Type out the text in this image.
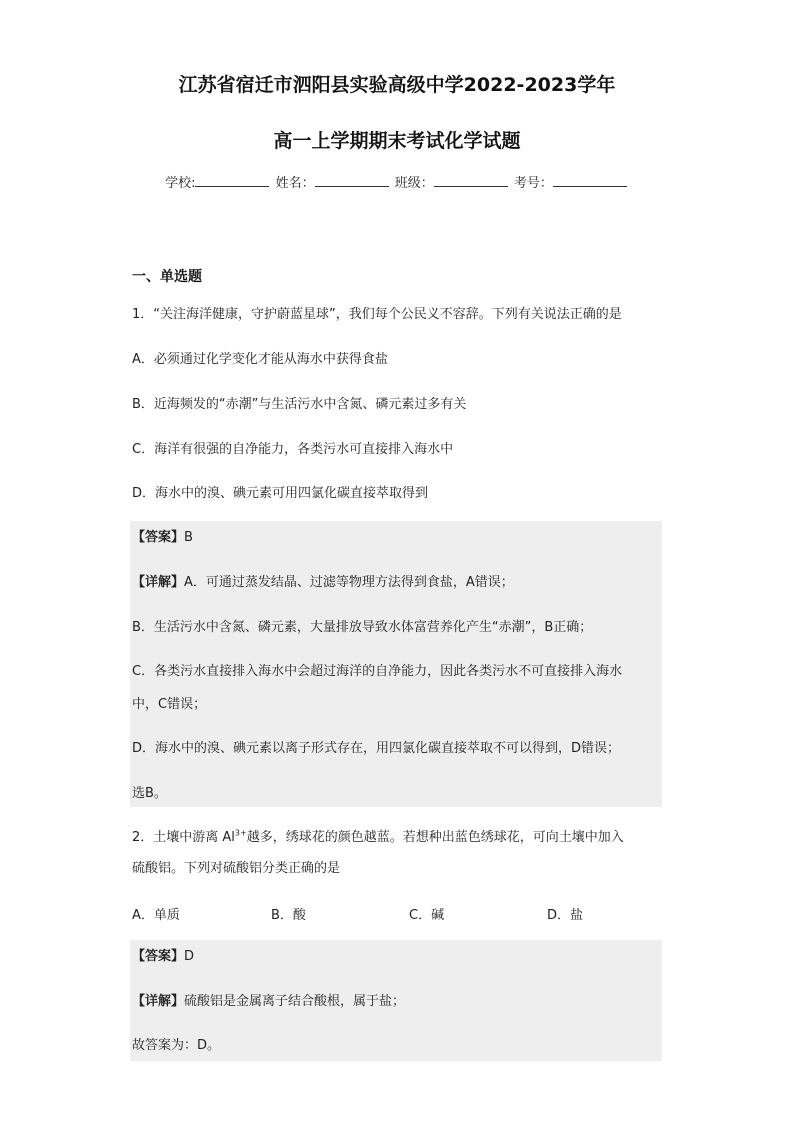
江苏省宿迁市泗阳县实验高级中学2022-2023学年
高一上学期期末考试化学试题
学校:	姓名：	班级：	考号：
一、单选题
1．“关注海洋健康，守护蔚蓝星球”，我们每个公民义不容辞。下列有关说法正确的是
A．必须通过化学变化才能从海水中获得食盐
B．近海频发的“赤潮”与生活污水中含氮、磷元素过多有关
C．海洋有很强的自净能力，各类污水可直接排入海水中
D．海水中的溴、碘元素可用四氯化碳直接萃取得到
【答案】B
【详解】A．可通过蒸发结晶、过滤等物理方法得到食盐，A错误；
B．生活污水中含氮、磷元素，大量排放导致水体富营养化产生“赤潮”，B正确；
C．各类污水直接排入海水中会超过海洋的自净能力，因此各类污水不可直接排入海水
中，C错误；
D．海水中的溴、碘元素以离子形式存在，用四氯化碳直接萃取不可以得到，D错误；
选B。
2．土壤中游离 $Al^{3+}$越多，绣球花的颜色越蓝。若想种出蓝色绣球花，可向土壤中加入
硫酸铝。下列对硫酸铝分类正确的是
A．单质	B．酸	C．碱	D．盐
【答案】D
【详解】硫酸铝是金属离子结合酸根，属于盐；
故答案为：D。
